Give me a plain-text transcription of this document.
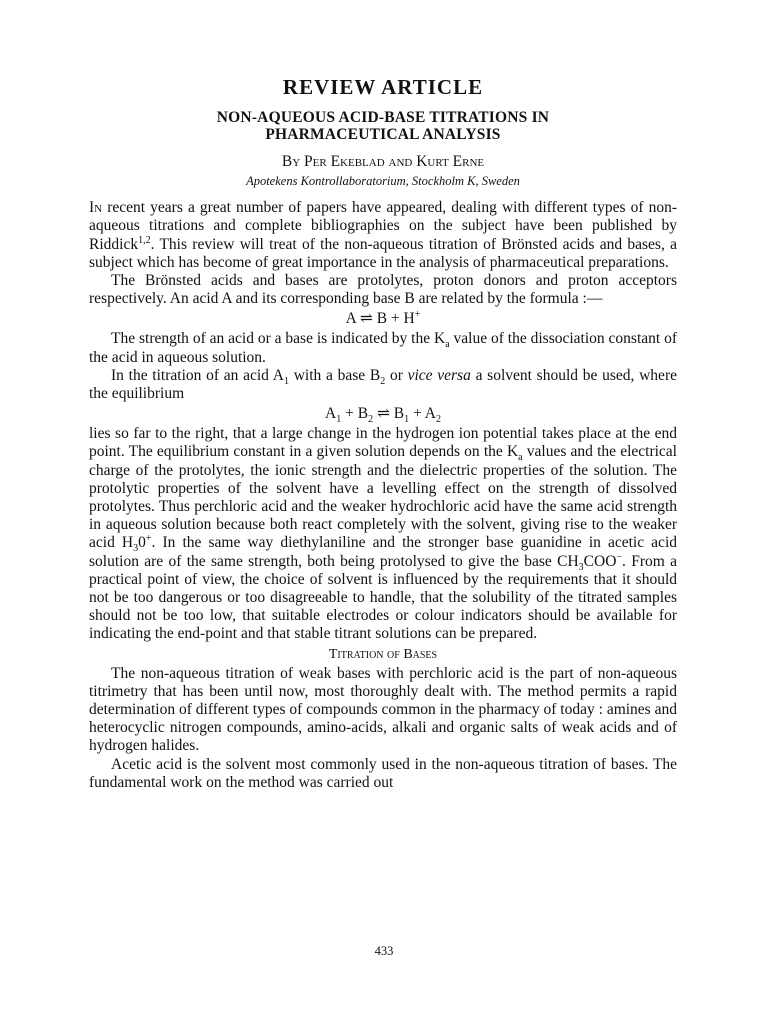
REVIEW ARTICLE
NON-AQUEOUS ACID-BASE TITRATIONS IN
PHARMACEUTICAL ANALYSIS
By Per Ekeblad and Kurt Erne
Apotekens Kontrollaboratorium, Stockholm K, Sweden

In recent years a great number of papers have appeared, dealing with different types of non-aqueous titrations and complete bibliographies on the subject have been published by Riddick$^{1,2}$. This review will treat of the non-aqueous titration of Brönsted acids and bases, a subject which has become of great importance in the analysis of pharmaceutical preparations.

The Brönsted acids and bases are protolytes, proton donors and proton acceptors respectively. An acid A and its corresponding base B are related by the formula :—

A ⇌ B + H+

The strength of an acid or a base is indicated by the $K_a$ value of the dissociation constant of the acid in aqueous solution.

In the titration of an acid $A_1$ with a base $B_2$ or vice versa a solvent should be used, where the equilibrium

$A_1 + B_2$ ⇌ $B_1 + A_2$

lies so far to the right, that a large change in the hydrogen ion potential takes place at the end point. The equilibrium constant in a given solution depends on the $K_a$ values and the electrical charge of the protolytes, the ionic strength and the dielectric properties of the solution. The protolytic properties of the solvent have a levelling effect on the strength of dissolved protolytes. Thus perchloric acid and the weaker hydrochloric acid have the same acid strength in aqueous solution because both react completely with the solvent, giving rise to the weaker acid $H_30^+$. In the same way diethylaniline and the stronger base guanidine in acetic acid solution are of the same strength, both being protolysed to give the base $CH_3COO^-$. From a practical point of view, the choice of solvent is influenced by the requirements that it should not be too dangerous or too disagreeable to handle, that the solubility of the titrated samples should not be too low, that suitable electrodes or colour indicators should be available for indicating the end-point and that stable titrant solutions can be prepared.

Titration of Bases

The non-aqueous titration of weak bases with perchloric acid is the part of non-aqueous titrimetry that has been until now, most thoroughly dealt with. The method permits a rapid determination of different types of compounds common in the pharmacy of today : amines and heterocyclic nitrogen compounds, amino-acids, alkali and organic salts of weak acids and of hydrogen halides.

Acetic acid is the solvent most commonly used in the non-aqueous titration of bases. The fundamental work on the method was carried out

433
